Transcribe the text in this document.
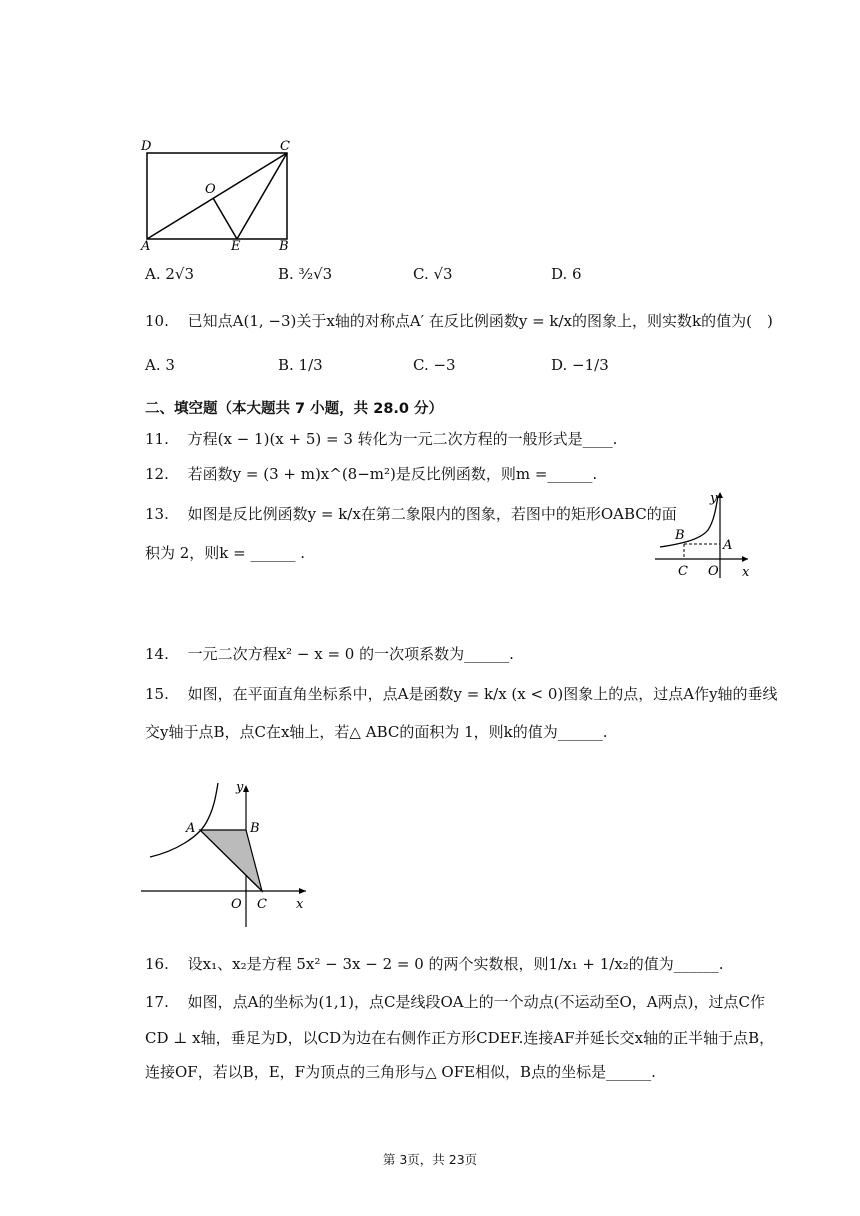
D	C
O
A	E	B
A. 2√3	B. ³⁄₂√3	C. √3	D. 6
10. 已知点A(1, −3)关于x轴的对称点A′ 在反比例函数y = k/x的图象上，则实数k的值为(　)
A. 3	B. 1/3	C. −3	D. −1/3
二、填空题（本大题共 7 小题，共 28.0 分）
11. 方程(x − 1)(x + 5) = 3 转化为一元二次方程的一般形式是____.
12. 若函数y = (3 + m)x^(8−m²)是反比例函数，则m =______.
13. 如图是反比例函数y = k/x在第二象限内的图象，若图中的矩形OABC的面
积为 2，则k = ______ .
y
B
A
C O x
14. 一元二次方程x² − x = 0 的一次项系数为______.
15. 如图，在平面直角坐标系中，点A是函数y = k/x (x < 0)图象上的点，过点A作y轴的垂线
交y轴于点B，点C在x轴上，若△ ABC的面积为 1，则k的值为______.
y
A	B
O C x
16. 设x₁、x₂是方程 5x² − 3x − 2 = 0 的两个实数根，则1/x₁ + 1/x₂的值为______.
17. 如图，点A的坐标为(1,1)，点C是线段OA上的一个动点(不运动至O，A两点)，过点C作
CD ⊥ x轴，垂足为D，以CD为边在右侧作正方形CDEF.连接AF并延长交x轴的正半轴于点B，
连接OF，若以B，E，F为顶点的三角形与△ OFE相似，B点的坐标是______.
第 3页，共 23页
